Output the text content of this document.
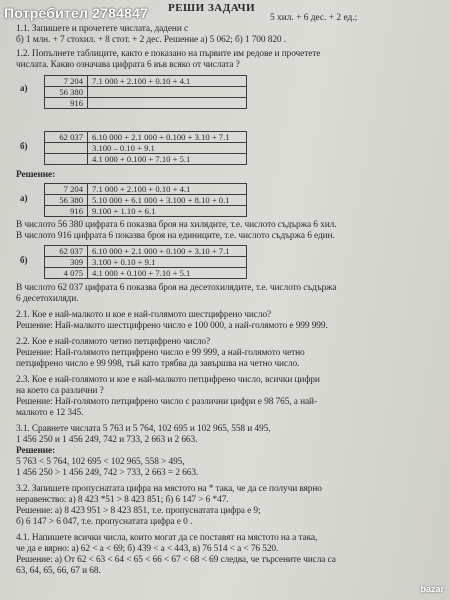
РЕШИ ЗАДАЧИ
5 хил. + 6 дес. + 2 ед.;
1.1. Запишете и прочетете числата, дадени с
б) 1 млн. + 7 стохил. + 8 стот. + 2 дес. Решение а) 5 062; б) 1 700 820 .
1.2. Попълнете таблиците, както е показано на първите им редове и прочетете
числата. Какво означава цифрата 6 във всяко от числата ?
а)
7 204	7.1 000 + 2.100 + 0.10 + 4.1
56 380	
916	
б)
62 037	6.10 000 + 2.1 000 + 0.100 + 3.10 + 7.1
	3.100 – 0.10 + 9.1
	4.1 000 + 0.100 + 7.10 + 5.1
Решение:
а)
7 204	7.1 000 + 2.100 + 0.10 + 4.1
56 380	5.10 000 + 6.1 000 + 3.100 + 8.10 + 0.1
916	9.100 + 1.10 + 6.1
В числото 56 380 цифрата 6 показва броя на хилядите, т.е. числото съдържа 6 хил.
В числото 916 цифрата 6 показва броя на единиците, т.е. числото съдържа 6 един.
б)
62 037	6.10 000 + 2.1 000 + 0.100 + 3.10 + 7.1
309	3.100 + 0.10 + 9.1
4 075	4.1 000 + 0.100 + 7.10 + 5.1
В числото 62 037 цифрата 6 показва броя на десетохилядите, т.е. числото съдържа
6 десетохиляди.
2.1. Кое е най-малкото и кое е най-голямото шестцифрено число?
Решение: Най-малкото шестцифрено число е 100 000, а най-голямото е 999 999.
2.2. Кое е най-голямото четно петцифрено число?
Решение: Най-голямото петцифрено число е 99 999, а най-голямото четно
петцифрено число е 99 998, тъй като трябва да завършва на четно число.
2.3. Кое е най-голямото и кое е най-малкото петцифрено число, всички цифри
на което са различни ?
Решение: Най-голямото петцифрено число с различни цифри е 98 765, а най-
малкото е 12 345.
3.1. Сравнете числата 5 763 и 5 764, 102 695 и 102 965, 558 и 495,
1 456 250 и 1 456 249, 742 и 733, 2 663 и 2 663.
Решение:
5 763 < 5 764, 102 695 < 102 965, 558 > 495,
1 456 250 > 1 456 249, 742 > 733, 2 663 = 2 663.
3.2. Запишете пропуснатата цифра на мястото на * така, че да се получи вярно
неравенство: а) 8 423 *51 > 8 423 851; б) 6 147 > 6 *47.
Решение: а) 8 423 951 > 8 423 851, т.е. пропуснатата цифра е 9;
б) 6 147 > 6 047, т.е. пропуснатата цифра е 0 .
4.1. Напишете всички числа, които могат да се поставят на мястото на а така,
че да е вярно: а) 62 < а < 69; б) 439 < а < 443, в) 76 514 < а < 76 520.
Решение: а) От 62 < 63 < 64 < 65 < 66 < 67 < 68 < 69 следва, че търсените числа са
63, 64, 65, 66, 67 и 68.
Потребител 2784847
bazar
